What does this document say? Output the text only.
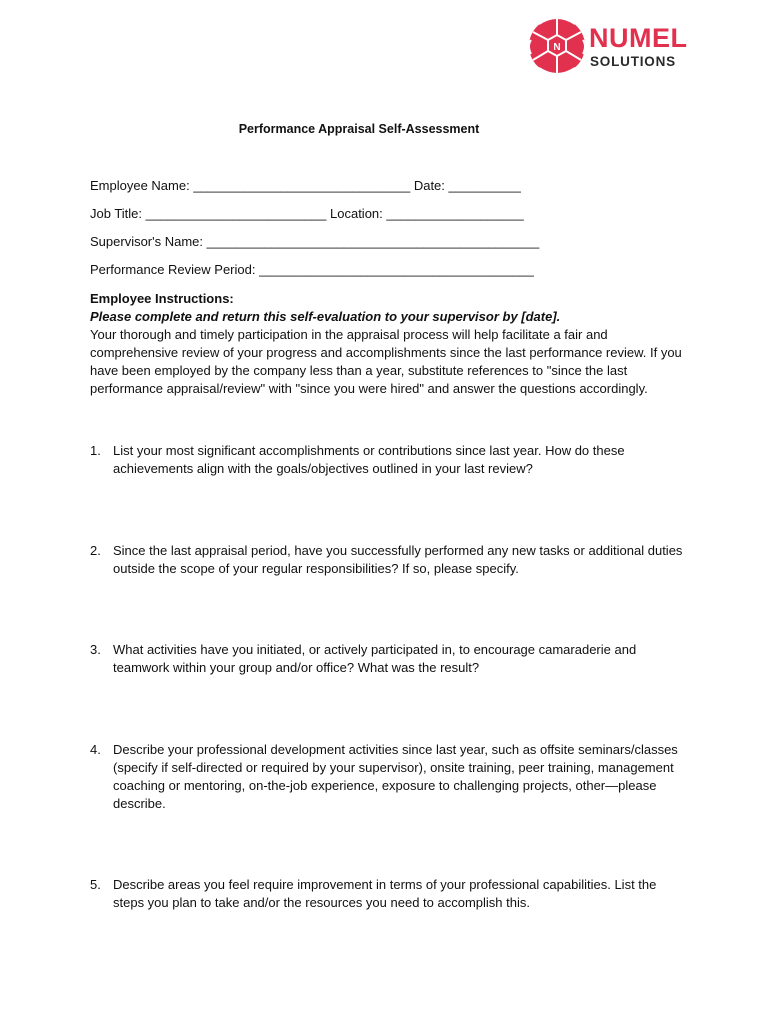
N NUMEL
SOLUTIONS
Performance Appraisal Self-Assessment
Employee Name: ______________________________ Date: __________
Job Title: _________________________ Location: ___________________
Supervisor's Name: ______________________________________________
Performance Review Period: ______________________________________
Employee Instructions:
Please complete and return this self-evaluation to your supervisor by [date].
Your thorough and timely participation in the appraisal process will help facilitate a fair and comprehensive review of your progress and accomplishments since the last performance review. If you have been employed by the company less than a year, substitute references to "since the last performance appraisal/review" with "since you were hired" and answer the questions accordingly.
1. List your most significant accomplishments or contributions since last year. How do these achievements align with the goals/objectives outlined in your last review?
2. Since the last appraisal period, have you successfully performed any new tasks or additional duties outside the scope of your regular responsibilities? If so, please specify.
3. What activities have you initiated, or actively participated in, to encourage camaraderie and teamwork within your group and/or office? What was the result?
4. Describe your professional development activities since last year, such as offsite seminars/classes (specify if self-directed or required by your supervisor), onsite training, peer training, management coaching or mentoring, on-the-job experience, exposure to challenging projects, other—please describe.
5. Describe areas you feel require improvement in terms of your professional capabilities. List the steps you plan to take and/or the resources you need to accomplish this.
